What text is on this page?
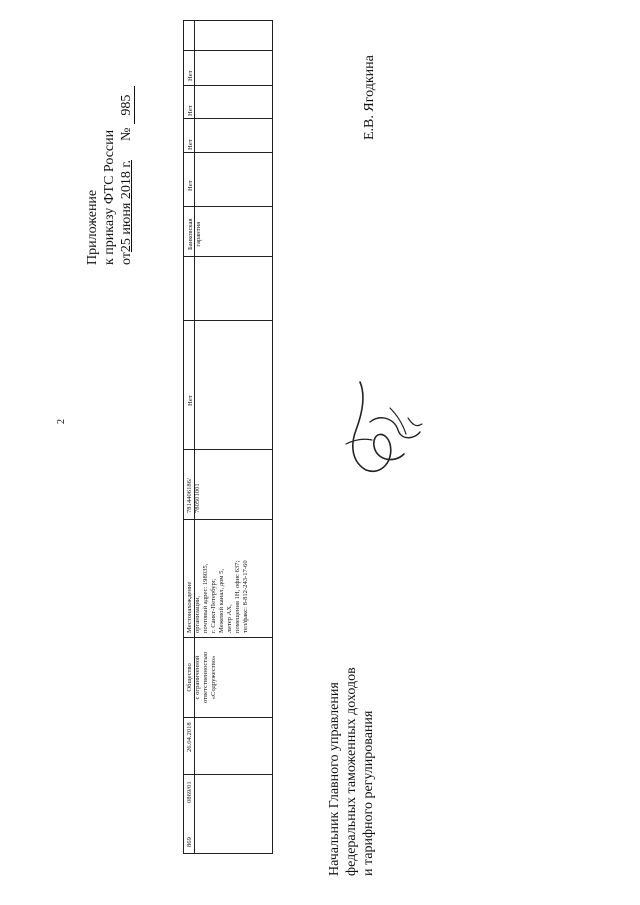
2
Приложение к приказу ФТС России от25 июня 2018 г.  № 985
869
0869/01
26.04.2018
Общество с ограниченной ответственностью «Содружество»
Местонахождение организации, почтовый адрес: 198035, г. Санкт-Петербург, Межевой канал, дом 5, литер АХ, помещения 1Н, офис 637; тел/факс: 8-812-243-17-60
7814406186/ 780501001
Нет
Банковская гарантия
Нет
Нет
Нет
Нет	Е.В. Ягодкина
Начальник Главного управления федеральных таможенных доходов и тарифного регулирования
